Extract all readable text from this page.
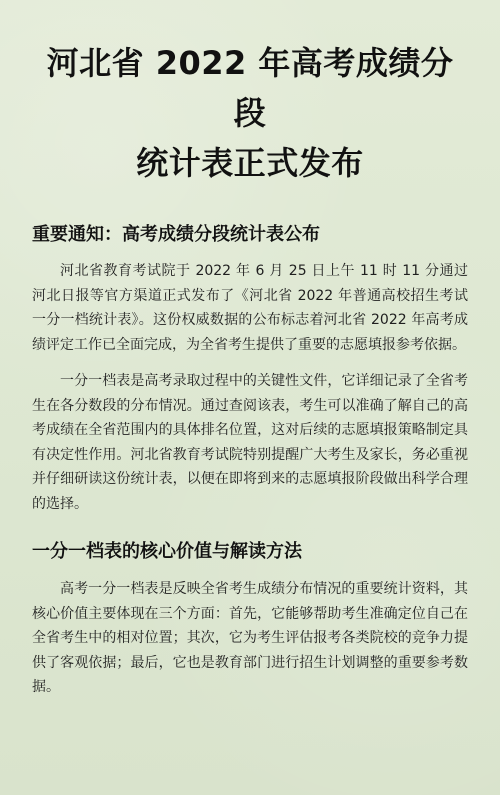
河北省 2022 年高考成绩分段
统计表正式发布
重要通知：高考成绩分段统计表公布

河北省教育考试院于 2022 年 6 月 25 日上午 11 时 11 分通过河北日报等官方渠道正式发布了《河北省 2022 年普通高校招生考试一分一档统计表》。这份权威数据的公布标志着河北省 2022 年高考成绩评定工作已全面完成，为全省考生提供了重要的志愿填报参考依据。

一分一档表是高考录取过程中的关键性文件，它详细记录了全省考生在各分数段的分布情况。通过查阅该表，考生可以准确了解自己的高考成绩在全省范围内的具体排名位置，这对后续的志愿填报策略制定具有决定性作用。河北省教育考试院特别提醒广大考生及家长，务必重视并仔细研读这份统计表，以便在即将到来的志愿填报阶段做出科学合理的选择。

一分一档表的核心价值与解读方法

高考一分一档表是反映全省考生成绩分布情况的重要统计资料，其核心价值主要体现在三个方面：首先，它能够帮助考生准确定位自己在全省考生中的相对位置；其次，它为考生评估报考各类院校的竞争力提供了客观依据；最后，它也是教育部门进行招生计划调整的重要参考数据。
